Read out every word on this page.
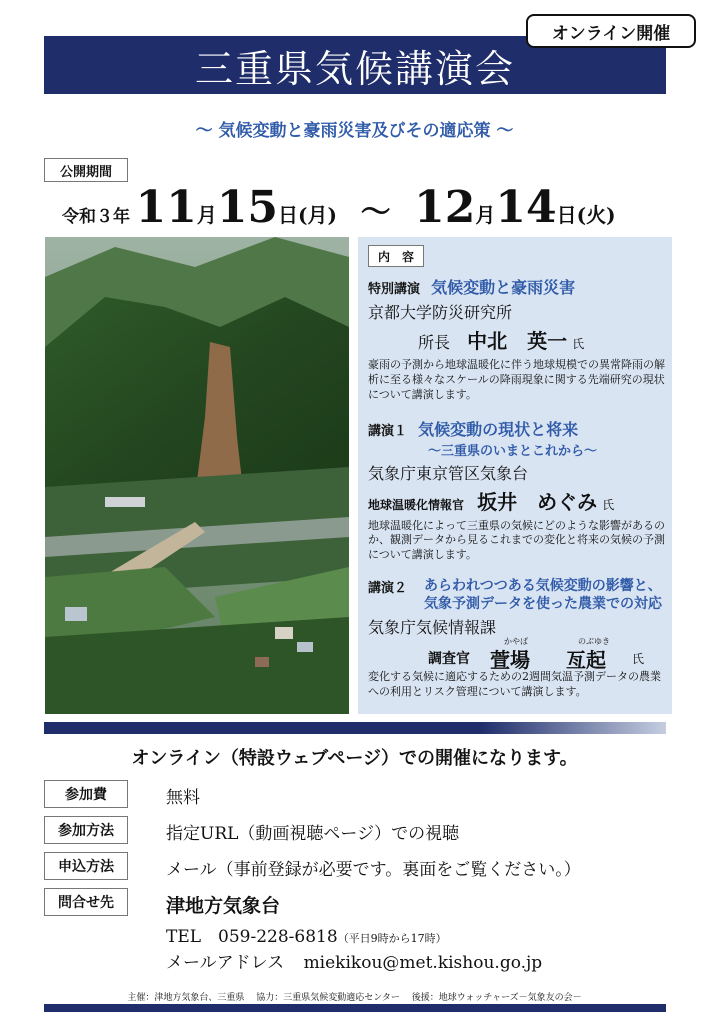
オンライン開催
三重県気候講演会
～ 気候変動と豪雨災害及びその適応策 ～
公開期間
令和３年 11月15日(月) ～ 12月14日(火)
内　容
特別講演 気候変動と豪雨災害
京都大学防災研究所
所長 中北　英一 氏
豪雨の予測から地球温暖化に伴う地球規模での異常降雨の解析に至る様々なスケールの降雨現象に関する先端研究の現状について講演します。
講演１ 気候変動の現状と将来
～三重県のいまとこれから～
気象庁東京管区気象台
地球温暖化情報官 坂井　めぐみ 氏
地球温暖化によって三重県の気候にどのような影響があるのか、観測データから見るこれまでの変化と将来の気候の予測について講演します。
講演２	あらわれつつある気候変動の影響と、気象予測データを使った農業での対応
気象庁気候情報課
調査官
かやば
萱場
のぶゆき
亙起 氏
変化する気候に適応するための2週間気温予測データの農業への利用とリスク管理について講演します。
オンライン（特設ウェブページ）での開催になります。
参加費	無料
参加方法	指定URL（動画視聴ページ）での視聴
申込方法	メール（事前登録が必要です。裏面をご覧ください。）
問合せ先	津地方気象台
TEL　059-228-6818（平日9時から17時）
メールアドレス miekikou@met.kishou.go.jp
主催：津地方気象台、三重県　 協力：三重県気候変動適応センター　 後援：地球ウォッチャーズ－気象友の会－
